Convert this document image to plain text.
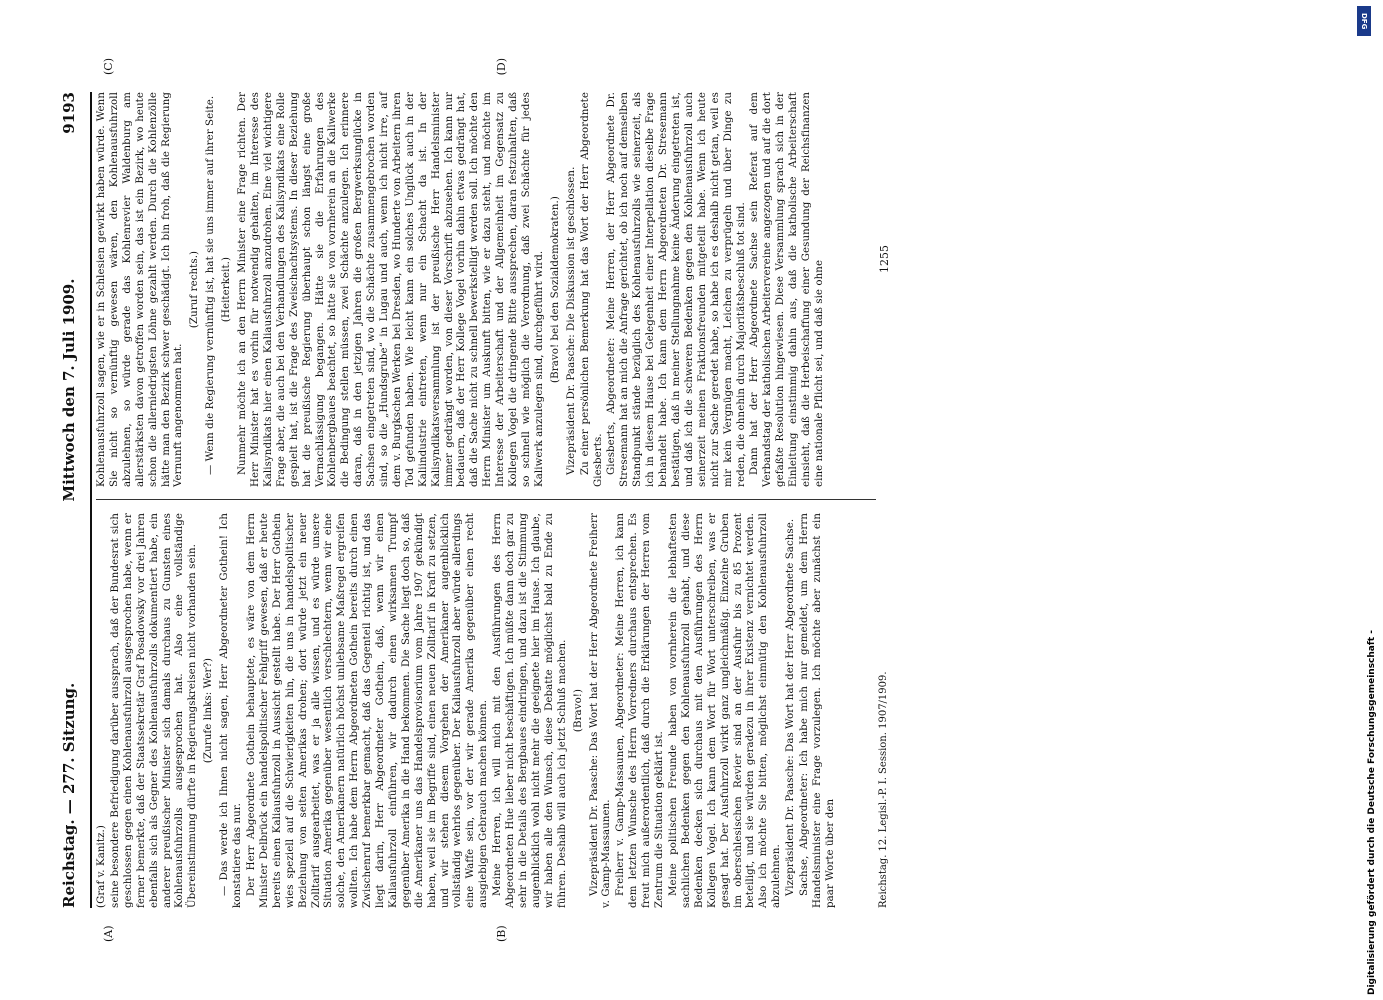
Reichstag. — 277. Sitzung.
Mittwoch den 7. Juli 1909.
9193
(A)	(B)
(C)	(D)

(Graf v. Kanitz.) seine besondere Befriedigung darüber aussprach, daß der Bundesrat sich geschlossen gegen einen Kohlenausfuhrzoll ausgesprochen habe, wenn er ferner bemerkte, daß der Staatssekretär Graf Posadowsky vor drei Jahren ebenfalls sich als Gegner des Kohlenausfuhrzolls dokumentiert habe, ein anderer preußischer Minister sich damals durchaus zu Gunsten eines Kohlenausfuhrzolls ausgesprochen hat. Also eine vollständige Übereinstimmung dürfte in Regierungskreisen nicht vorhanden sein. (Zurufe links: Wer?) — Das werde ich Ihnen nicht sagen, Herr Abgeordneter Gothein! Ich konstatiere das nur. Der Herr Abgeordnete Gothein behauptete, es wäre von dem Herrn Minister Delbrück ein handelspolitischer Fehlgriff gewesen, daß er heute bereits einen Kaliausfuhrzoll in Aussicht gestellt habe. Der Herr Gothein wies speziell auf die Schwierigkeiten hin, die uns in handelspolitischer Beziehung von seiten Amerikas drohen; dort würde jetzt ein neuer Zolltarif ausgearbeitet, was er ja alle wissen, und es würde unsere Situation Amerika gegenüber wesentlich verschlechtern, wenn wir eine solche, den Amerikanern natürlich höchst unliebsame Maßregel ergreifen wollten. Ich habe dem Herrn Abgeordneten Gothein bereits durch einen Zwischenruf bemerkbar gemacht, daß das Gegenteil richtig ist, und das liegt darin, Herr Abgeordneter Gothein, daß, wenn wir einen Kaliausfuhrzoll einführen, wir dadurch einen wirksamen Trumpf gegenüber Amerika in die Hand bekommen. Die Sache liegt doch so, daß die Amerikaner uns das Handelsprovisorium vom Jahre 1907 gekündigt haben, weil sie im Begriffe sind, einen neuen Zolltarif in Kraft zu setzen, und wir stehen diesem Vorgehen der Amerikaner augenblicklich vollständig wehrlos gegenüber. Der Kaliausfuhrzoll aber würde allerdings eine Waffe sein, vor der wir gerade Amerika gegenüber einen recht ausgiebigen Gebrauch machen können. Meine Herren, ich will mich mit den Ausführungen des Herrn Abgeordneten Hue lieber nicht beschäftigen. Ich müßte dann doch gar zu sehr in die Details des Bergbaues eindringen, und dazu ist die Stimmung augenblicklich wohl nicht mehr die geeignete hier im Hause. Ich glaube, wir haben alle den Wunsch, diese Debatte möglichst bald zu Ende zu führen. Deshalb will auch ich jetzt Schluß machen. (Bravo!) Vizepräsident Dr. Paasche: Das Wort hat der Herr Abgeordnete Freiherr v. Gamp-Massaunen. Freiherr v. Gamp-Massaunen, Abgeordneter: Meine Herren, ich kann dem letzten Wunsche des Herrn Vorredners durchaus entsprechen. Es freut mich außerordentlich, daß durch die Erklärungen der Herren vom Zentrum die Situation geklärt ist. Meine politischen Freunde haben von vornherein die lebhaftesten sachlichen Bedenken gegen den Kohlenausfuhrzoll gehabt, und diese Bedenken decken sich durchaus mit den Ausführungen des Herrn Kollegen Vogel. Ich kann dem Wort für Wort unterschreiben, was er gesagt hat. Der Ausfuhrzoll wirkt ganz ungleichmäßig. Einzelne Gruben im oberschlesischen Revier sind an der Ausfuhr bis zu 85 Prozent beteiligt, und sie würden geradezu in ihrer Existenz vernichtet werden. Also ich möchte Sie bitten, möglichst einmütig den Kohlenausfuhrzoll abzulehnen. Vizepräsident Dr. Paasche: Das Wort hat der Herr Abgeordnete Sachse. Sachse, Abgeordneter: Ich habe mich nur gemeldet, um dem Herrn Handelsminister eine Frage vorzulegen. Ich möchte aber zunächst ein paar Worte über den

Kohlenausfuhrzoll sagen, wie er in Schlesien gewirkt haben würde. Wenn Sie nicht so vernünftig gewesen wären, den Kohlenausfuhrzoll abzulehnen, so würde gerade das Kohlenrevier Waldenburg am allerstärksten davon getroffen worden sein, das ist ein Bezirk, wo heute schon die allerniedrigsten Löhne gezahlt werden. Durch die Kohlenzölle hätte man den Bezirk schwer geschädigt. Ich bin froh, daß die Regierung Vernunft angenommen hat.

(Zuruf rechts.) — Wenn die Regierung vernünftig ist, hat sie uns immer auf ihrer Seite. (Heiterkeit.) Nunmehr möchte ich an den Herrn Minister eine Frage richten. Der Herr Minister hat es vorhin für notwendig gehalten, im Interesse des Kalisyndikats hier einen Kaliausfuhrzoll anzudrohen. Eine viel wichtigere Frage aber, die auch bei den Verhandlungen des Kalisyndikats eine Rolle gespielt hat, ist die Frage des Zweischachtsystems. In dieser Beziehung hat die preußische Regierung überhaupt schon längst eine große Vernachlässigung begangen. Hätte sie die Erfahrungen des Kohlenbergbaues beachtet, so hätte sie von vornherein an die Kaliwerke die Bedingung stellen müssen, zwei Schächte anzulegen. Ich erinnere daran, daß in den jetzigen Jahren die großen Bergwerksunglücke in Sachsen eingetreten sind, wo die Schächte zusammengebrochen worden sind, so die „Hundsgrube“ in Lugau und auch, wenn ich nicht irre, auf dem v. Burgkschen Werken bei Dresden, wo Hunderte von Arbeitern ihren Tod gefunden haben. Wie leicht kann ein solches Unglück auch in der Kaliindustrie eintreten, wenn nur ein Schacht da ist. In der Kalisyndikatsversammlung ist der preußische Herr Handelsminister immer gedrängt worden, von dieser Vorschrift abzusehen. Ich kann nur bedauern, daß der Herr Kollege Vogel vorhin dahin etwas gedrängt hat, daß die Sache nicht zu schnell bewerkstelligt werden soll. Ich möchte den Herrn Minister um Auskunft bitten, wie er dazu steht, und möchte im Interesse der Arbeiterschaft und der Allgemeinheit im Gegensatz zu Kollegen Vogel die dringende Bitte aussprechen, daran festzuhalten, daß so schnell wie möglich die Verordnung, daß zwei Schächte für jedes Kaliwerk anzulegen sind, durchgeführt wird. (Bravo! bei den Sozialdemokraten.) Vizepräsident Dr. Paasche: Die Diskussion ist geschlossen. Zu einer persönlichen Bemerkung hat das Wort der Herr Abgeordnete Giesberts. Giesberts, Abgeordneter: Meine Herren, der Herr Abgeordnete Dr. Stresemann hat an mich die Anfrage gerichtet, ob ich noch auf demselben Standpunkt stände bezüglich des Kohlenausfuhrzolls wie seinerzeit, als ich in diesem Hause bei Gelegenheit einer Interpellation dieselbe Frage behandelt habe. Ich kann dem Herrn Abgeordneten Dr. Stresemann bestätigen, daß in meiner Stellungnahme keine Änderung eingetreten ist, und daß ich die schweren Bedenken gegen den Kohlenausfuhrzoll auch seinerzeit meinen Fraktionsfreunden mitgeteilt habe. Wenn ich heute nicht zur Sache geredet habe, so habe ich es deshalb nicht getan, weil es mir kein Vergnügen macht, Leichen zu verprügeln und über Dinge zu reden, die ohnehin durch Majoritätsbeschluß tot sind. Dann hat der Herr Abgeordnete Sachse sein Referat auf dem Verbandstag der katholischen Arbeitervereine angezogen und auf die dort gefaßte Resolution hingewiesen. Diese Versammlung sprach sich in der Einleitung einstimmig dahin aus, daß die katholische Arbeiterschaft einsieht, daß die Herbeischaffung einer Gesundung der Reichsfinanzen eine nationale Pflicht sei, und daß sie ohne

Reichstag. 12. Legisl.-P. I. Session. 1907/1909.
1255
Digitalisierung gefördert durch die Deutsche Forschungsgemeinschaft -
DFG
